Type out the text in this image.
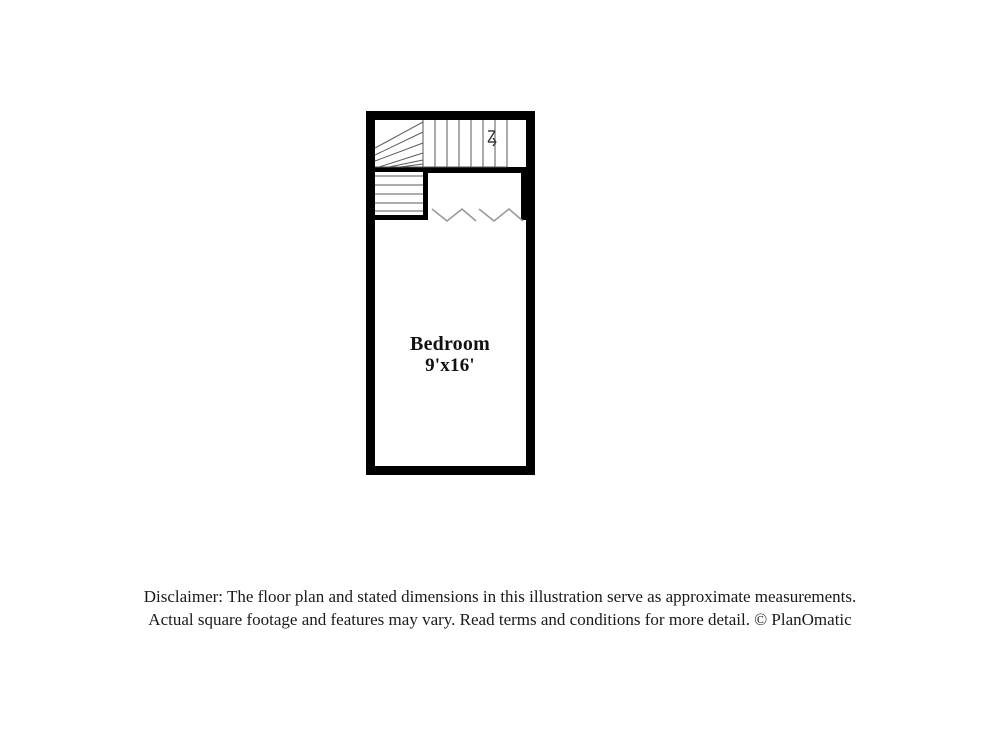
Bedroom
9'x16'
Disclaimer: The floor plan and stated dimensions in this illustration serve as approximate measurements.
Actual square footage and features may vary. Read terms and conditions for more detail. © PlanOmatic
